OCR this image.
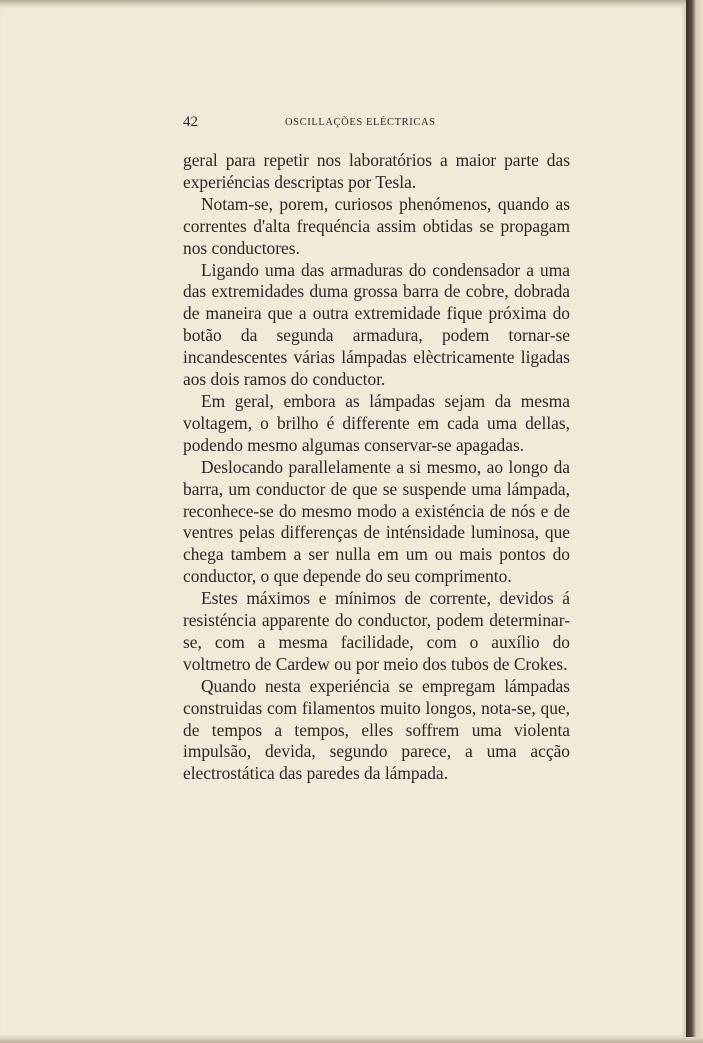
42	OSCILLAÇÕES ELÉCTRICAS

geral para repetir nos laboratórios a maior parte das experiéncias descriptas por Tesla.

Notam-se, porem, curiosos phenómenos, quando as correntes d'alta frequéncia assim obtidas se propagam nos conductores.

Ligando uma das armaduras do condensador a uma das extremidades duma grossa barra de cobre, dobrada de maneira que a outra extremidade fique próxima do botão da segunda armadura, podem tornar-se incandescentes várias lámpadas elèctricamente ligadas aos dois ramos do conductor.

Em geral, embora as lámpadas sejam da mesma voltagem, o brilho é differente em cada uma dellas, podendo mesmo algumas conservar-se apagadas.

Deslocando parallelamente a si mesmo, ao longo da barra, um conductor de que se suspende uma lámpada, reconhece-se do mesmo modo a existéncia de nós e de ventres pelas differenças de inténsidade luminosa, que chega tambem a ser nulla em um ou mais pontos do conductor, o que depende do seu comprimento.

Estes máximos e mínimos de corrente, devidos á resisténcia apparente do conductor, podem determinar-se, com a mesma facilidade, com o auxílio do voltmetro de Cardew ou por meio dos tubos de Crokes.

Quando nesta experiéncia se empregam lámpadas construidas com filamentos muito longos, nota-se, que, de tempos a tempos, elles soffrem uma violenta impulsão, devida, segundo parece, a uma acção electrostática das paredes da lámpada.
